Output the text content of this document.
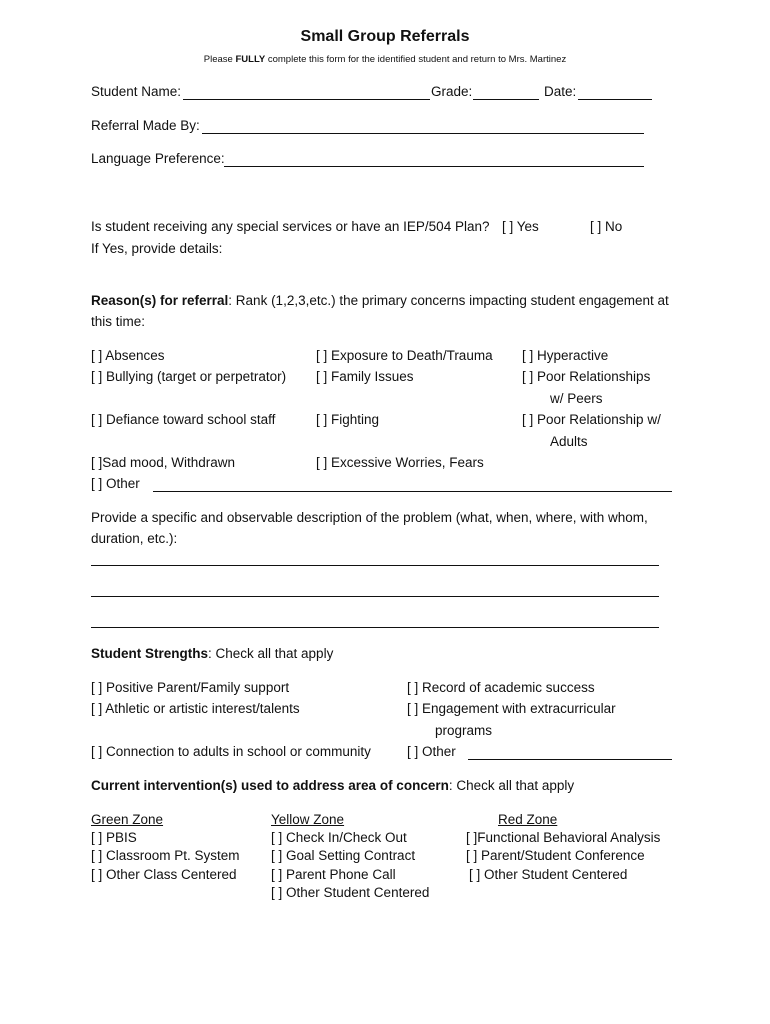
Small Group Referrals
Please FULLY complete this form for the identified student and return to Mrs. Martinez
Student Name:	Grade:	Date:
Referral Made By:
Language Preference:
Is student receiving any special services or have an IEP/504 Plan? [ ] Yes	[ ] No
If Yes, provide details:
Reason(s) for referral: Rank (1,2,3,etc.) the primary concerns impacting student engagement at
this time:
[ ] Absences	[ ] Exposure to Death/Trauma [ ] Hyperactive
[ ] Bullying (target or perpetrator) [ ] Family Issues	[ ] Poor Relationships
w/ Peers
[ ] Defiance toward school staff	[ ] Fighting	[ ] Poor Relationship w/
Adults
[ ]Sad mood, Withdrawn	[ ] Excessive Worries, Fears
[ ] Other
Provide a specific and observable description of the problem (what, when, where, with whom,
duration, etc.):
Student Strengths: Check all that apply
[ ] Positive Parent/Family support	[ ] Record of academic success
[ ] Athletic or artistic interest/talents	[ ] Engagement with extracurricular
programs
[ ] Connection to adults in school or community	[ ] Other
Current intervention(s) used to address area of concern: Check all that apply
Green Zone
[ ] PBIS
[ ] Classroom Pt. System
[ ] Other Class Centered
Yellow Zone
[ ] Check In/Check Out
[ ] Goal Setting Contract
[ ] Parent Phone Call
[ ] Other Student Centered
Red Zone
[ ]Functional Behavioral Analysis
[ ] Parent/Student Conference
[ ] Other Student Centered
